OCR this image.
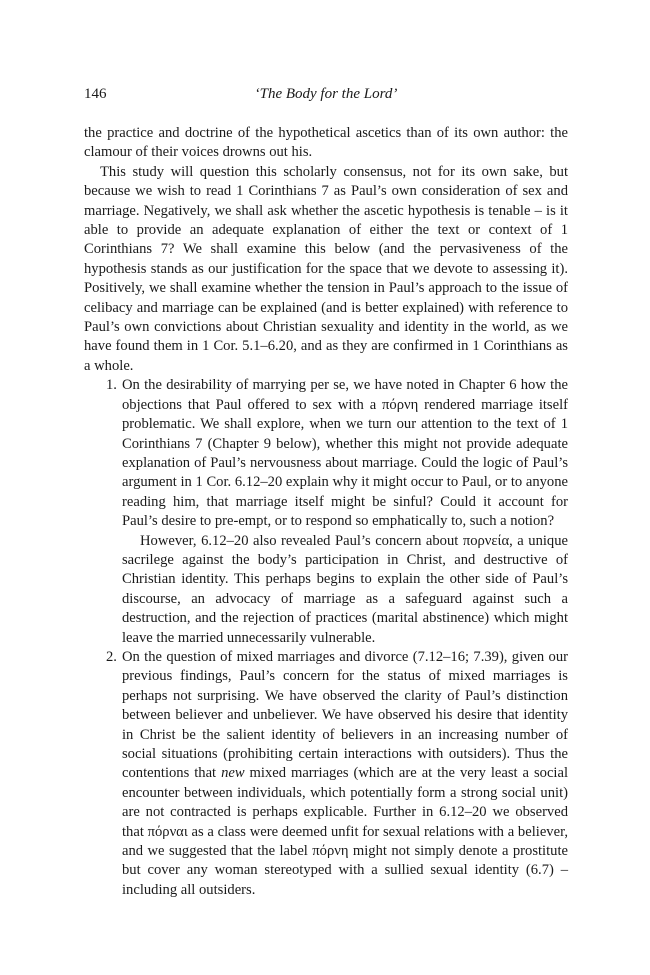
146	‘The Body for the Lord’

the practice and doctrine of the hypothetical ascetics than of its own author: the clamour of their voices drowns out his.

This study will question this scholarly consensus, not for its own sake, but because we wish to read 1 Corinthians 7 as Paul’s own consideration of sex and marriage. Negatively, we shall ask whether the ascetic hypothesis is tenable – is it able to provide an adequate explanation of either the text or context of 1 Corinthians 7? We shall examine this below (and the pervasiveness of the hypothesis stands as our justification for the space that we devote to assessing it). Positively, we shall examine whether the tension in Paul’s approach to the issue of celibacy and marriage can be explained (and is better explained) with reference to Paul’s own convictions about Christian sexuality and identity in the world, as we have found them in 1 Cor. 5.1–6.20, and as they are confirmed in 1 Corinthians as a whole.

1. On the desirability of marrying per se, we have noted in Chapter 6 how the objections that Paul offered to sex with a πόρνη rendered marriage itself problematic. We shall explore, when we turn our attention to the text of 1 Corinthians 7 (Chapter 9 below), whether this might not provide adequate explanation of Paul’s nervousness about marriage. Could the logic of Paul’s argument in 1 Cor. 6.12–20 explain why it might occur to Paul, or to anyone reading him, that marriage itself might be sinful? Could it account for Paul’s desire to pre-empt, or to respond so emphatically to, such a notion?

However, 6.12–20 also revealed Paul’s concern about πορνεία, a unique sacrilege against the body’s participation in Christ, and destructive of Christian identity. This perhaps begins to explain the other side of Paul’s discourse, an advocacy of marriage as a safeguard against such a destruction, and the rejection of practices (marital abstinence) which might leave the married unnecessarily vulnerable.

2. On the question of mixed marriages and divorce (7.12–16; 7.39), given our previous findings, Paul’s concern for the status of mixed marriages is perhaps not surprising. We have observed the clarity of Paul’s distinction between believer and unbeliever. We have observed his desire that identity in Christ be the salient identity of believers in an increasing number of social situations (prohibiting certain interactions with outsiders). Thus the contentions that new mixed marriages (which are at the very least a social encounter between individuals, which potentially form a strong social unit) are not contracted is perhaps explicable. Further in 6.12–20 we observed that πόρναι as a class were deemed unfit for sexual relations with a believer, and we suggested that the label πόρνη might not simply denote a prostitute but cover any woman stereotyped with a sullied sexual identity (6.7) – including all outsiders.
